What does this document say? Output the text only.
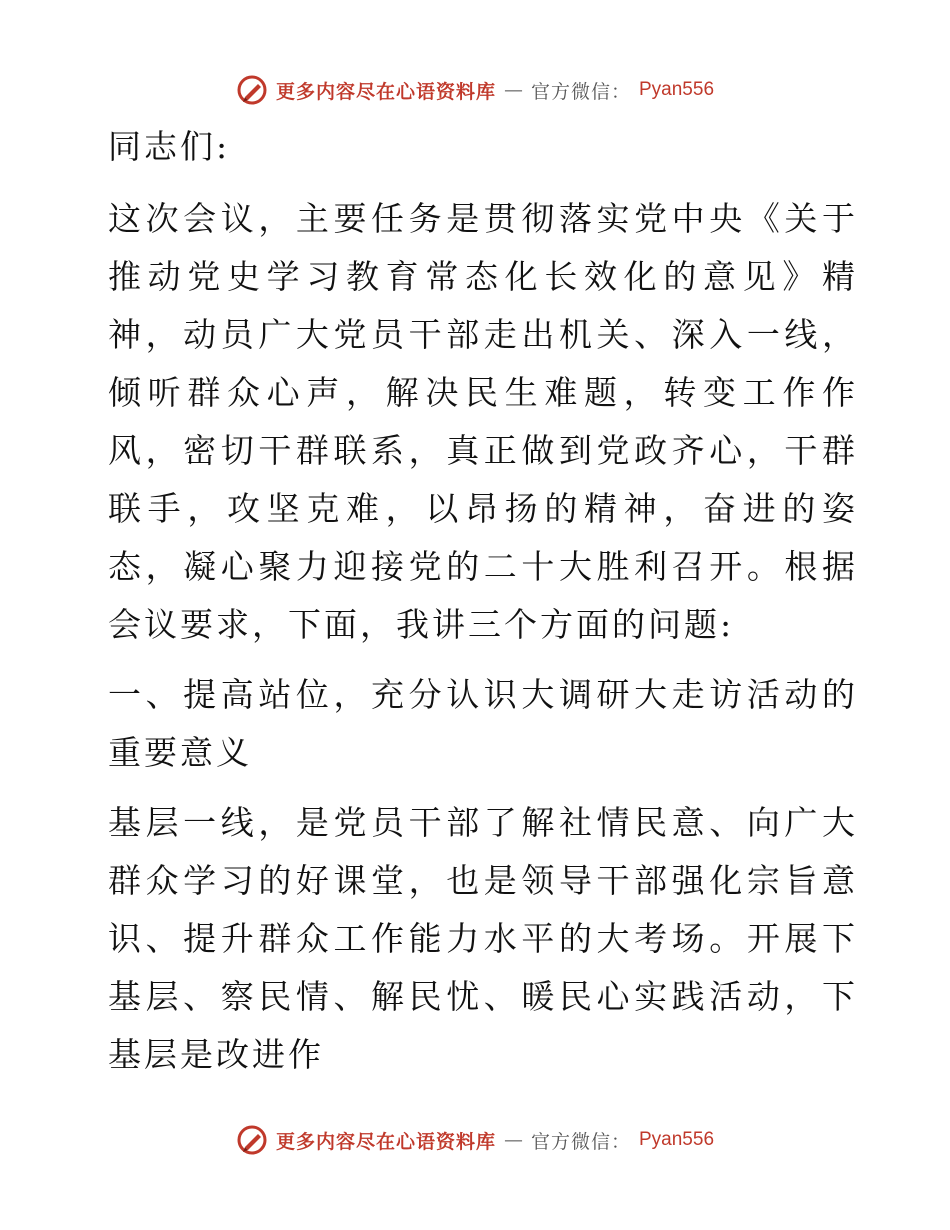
更多内容尽在心语资料库 — 官方微信： Pyan556

同志们:

这次会议，主要任务是贯彻落实党中央《关于推动党史学习教育常态化长效化的意见》精神，动员广大党员干部走出机关、深入一线，倾听群众心声，解决民生难题，转变工作作风，密切干群联系，真正做到党政齐心，干群联手，攻坚克难，以昂扬的精神，奋进的姿态，凝心聚力迎接党的二十大胜利召开。根据会议要求，下面，我讲三个方面的问题:

一、提高站位，充分认识大调研大走访活动的重要意义

基层一线，是党员干部了解社情民意、向广大群众学习的好课堂，也是领导干部强化宗旨意识、提升群众工作能力水平的大考场。开展下基层、察民情、解民忧、暖民心实践活动，下基层是改进作

更多内容尽在心语资料库 — 官方微信： Pyan556
